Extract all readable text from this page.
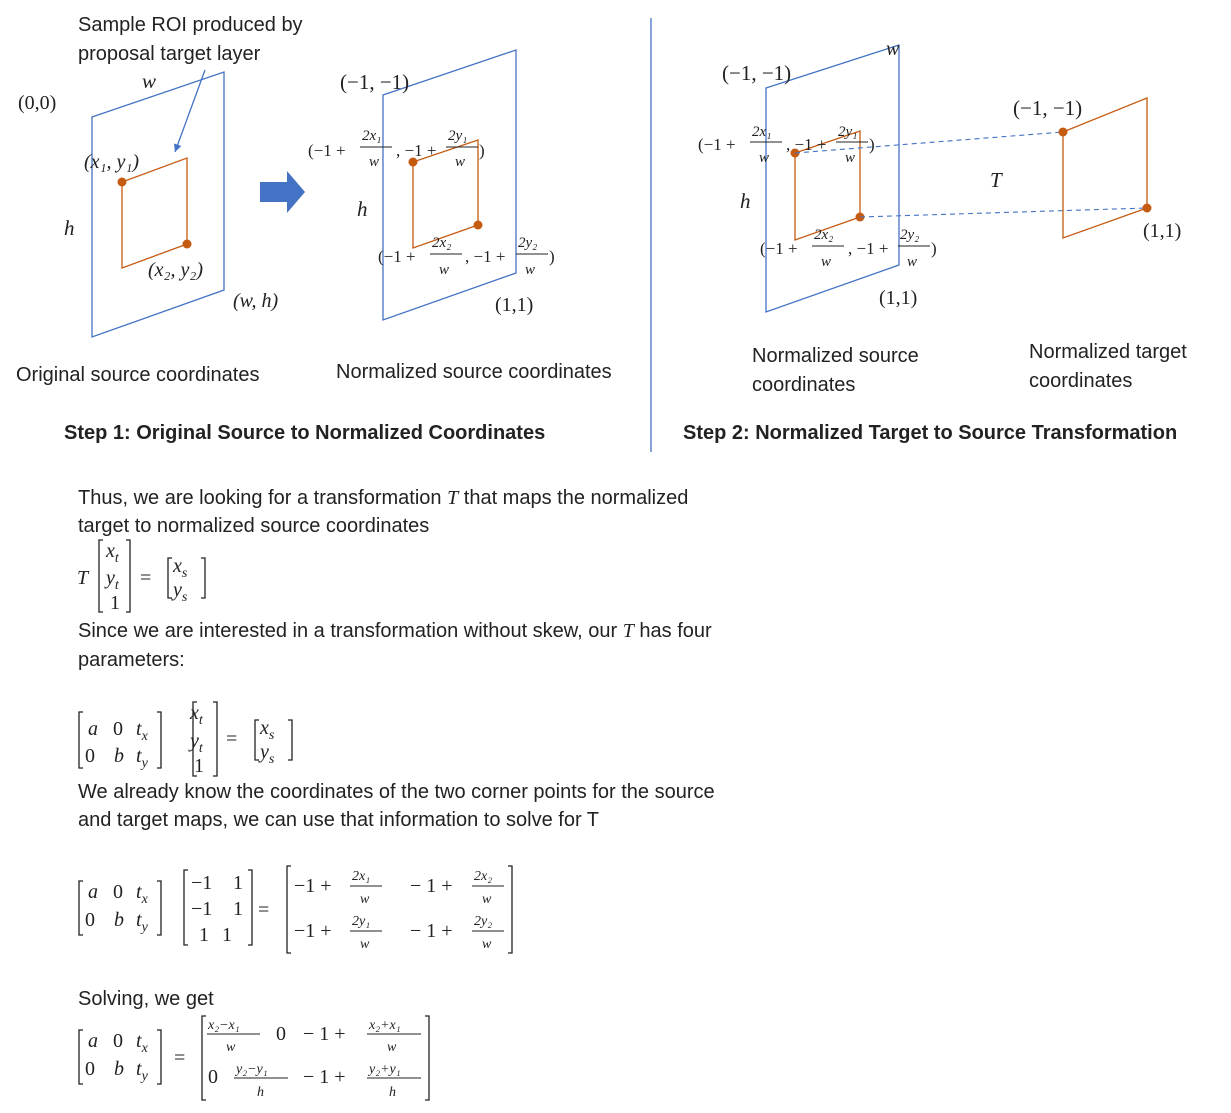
Sample ROI produced by
proposal target layer
(0,0)
w
h
(x₁, y₁)
(x₂, y₂)
(w, h)
Original source coordinates
(−1, −1)
h
(1,1)
(−1 +
2x₁
w
, −1 +
2y₁
w
)
(−1 +
2x₂
w
, −1 +
2y₂
w
)
Normalized source coordinates
Step 1: Original Source to Normalized Coordinates
(−1, −1)
w
h
(1,1)
(−1 +
2x₁
w
, −1 +
2y₁
w
)
(−1 +
2x₂
w
, −1 +
2y₂
w
)
Normalized source
coordinates
T
(−1, −1)
(1,1)
Normalized target
coordinates
Step 2: Normalized Target to Source Transformation
Thus, we are looking for a transformation T that maps the normalized
target to normalized source coordinates
T
$x_t$
$y_t$
1
=
$x_s$
$y_s$
Since we are interested in a transformation without skew, our T has four
parameters:
a 0 $t_x$
0 b $t_y$
$x_t$
$y_t$
1
= $x_s$
$y_s$
We already know the coordinates of the two corner points for the source
and target maps, we can use that information to solve for T
a 0 $t_x$
0 b $t_y$
−1 1
−1 1
1 1
=
−1 + 2x₁
w
− 1 + 2x₂
w
−1 + 2y₁
w
− 1 + 2y₂
w
Solving, we get
a 0 $t_x$
0 b $t_y$
=
x₂−x₁
w
0 − 1 + x₂+x₁
w
0 y₂−y₁
h
− 1 + y₂+y₁
h
